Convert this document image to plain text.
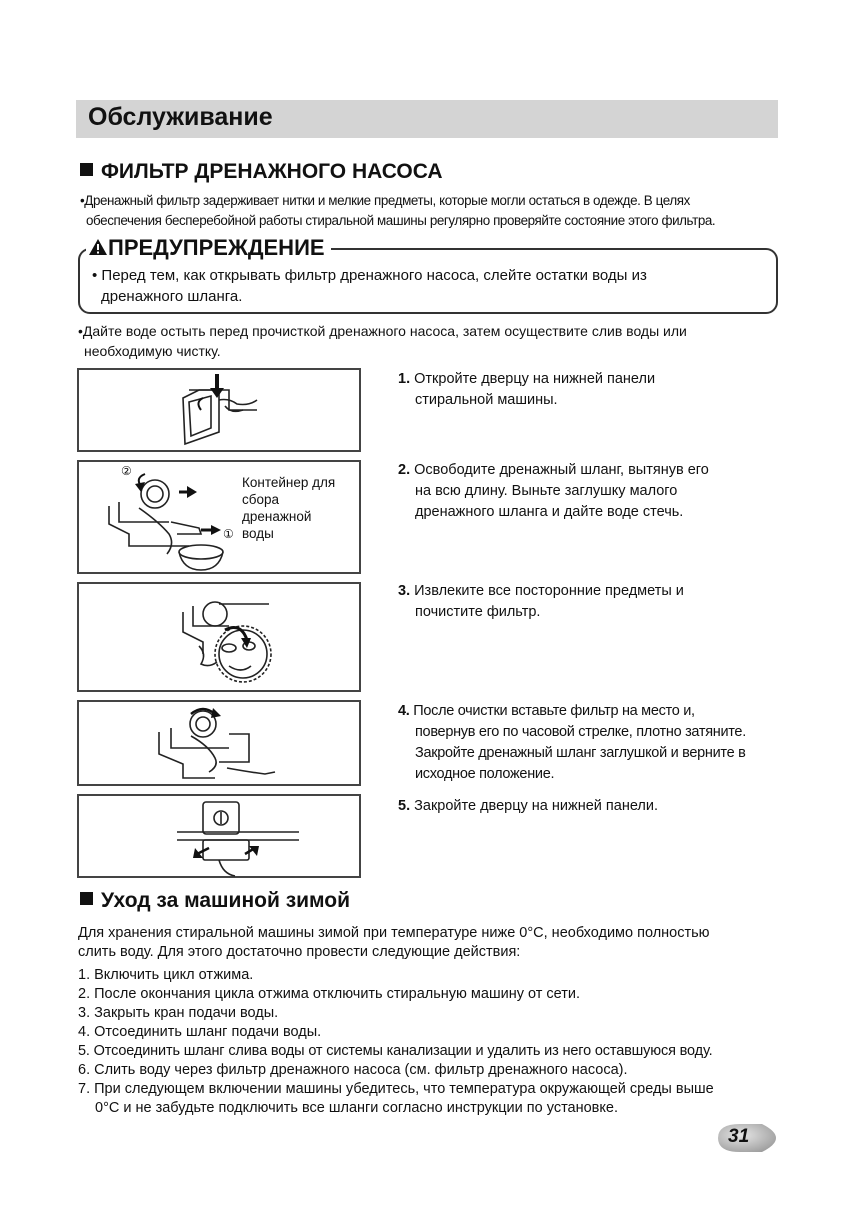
Обслуживание
ФИЛЬТР ДРЕНАЖНОГО НАСОСА
•Дренажный фильтр задерживает нитки и мелкие предметы, которые могли остаться в одежде. В целях
обеспечения бесперебойной работы стиральной машины регулярно проверяйте состояние этого фильтра.
ПРЕДУПРЕЖДЕНИЕ
• Перед тем, как открывать фильтр дренажного насоса, слейте остатки воды из
дренажного шланга.
•Дайте воде остыть перед прочисткой дренажного насоса, затем осуществите слив воды или
необходимую чистку.
②
①
Контейнер для
сбора
дренажной
воды
1. Откройте дверцу на нижней панели
стиральной машины.
2. Освободите дренажный шланг, вытянув его
на всю длину. Выньте заглушку малого
дренажного шланга и дайте воде стечь.
3. Извлеките все посторонние предметы и
почистите фильтр.
4. После очистки вставьте фильтр на место и,
повернув его по часовой стрелке, плотно затяните.
Закройте дренажный шланг заглушкой и верните в
исходное положение.
5. Закройте дверцу на нижней панели.
Уход за машиной зимой
Для хранения стиральной машины зимой при температуре ниже 0°С, необходимо полностью
слить воду. Для этого достаточно провести следующие действия:
1. Включить цикл отжима.
2. После окончания цикла отжима отключить стиральную машину от сети.
3. Закрыть кран подачи воды.
4. Отсоединить шланг подачи воды.
5. Отсоединить шланг слива воды от системы канализации и удалить из него оставшуюся воду.
6. Слить воду через фильтр дренажного насоса (см. фильтр дренажного насоса).
7. При следующем включении машины убедитесь, что температура окружающей среды выше
0°С и не забудьте подключить все шланги согласно инструкции по установке.
31
